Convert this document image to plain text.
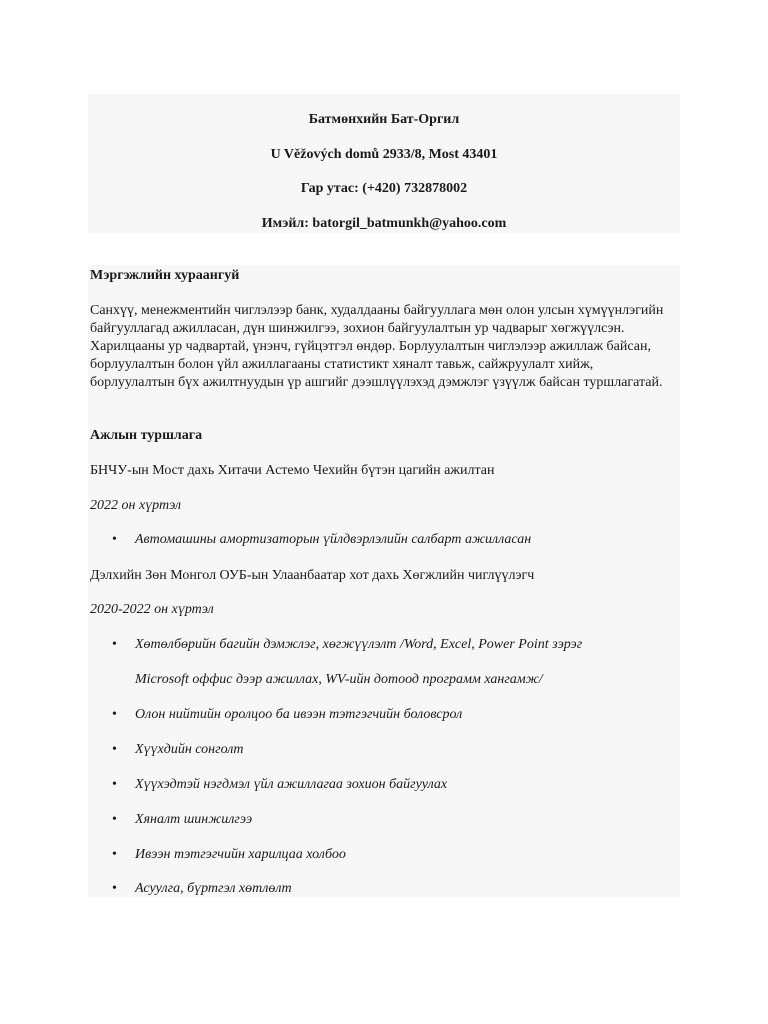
Батмөнхийн Бат-Оргил
U Věžových domů 2933/8, Most 43401
Гар утас: (+420) 732878002
Имэйл: batorgil_batmunkh@yahoo.com
Мэргэжлийн хураангуй
Санхүү, менежментийн чиглэлээр банк, худалдааны байгууллага мөн олон улсын хүмүүнлэгийн байгууллагад ажилласан, дүн шинжилгээ, зохион байгуулалтын ур чадварыг хөгжүүлсэн. Харилцааны ур чадвартай, үнэнч, гүйцэтгэл өндөр. Борлуулалтын чиглэлээр ажиллаж байсан, борлуулалтын болон үйл ажиллагааны статистикт хяналт тавьж, сайжруулалт хийж, борлуулалтын бүх ажилтнуудын үр ашгийг дээшлүүлэхэд дэмжлэг үзүүлж байсан туршлагатай.
Ажлын туршлага
БНЧУ-ын Мост дахь Хитачи Астемо Чехийн бүтэн цагийн ажилтан
2022 он хүртэл
• Автомашины амортизаторын үйлдвэрлэлийн салбарт ажилласан
Дэлхийн Зөн Монгол ОУБ-ын Улаанбаатар хот дахь Хөгжлийн чиглүүлэгч
2020-2022 он хүртэл
• Хөтөлбөрийн багийн дэмжлэг, хөгжүүлэлт /Word, Excel, Power Point зэрэг
Microsoft оффис дээр ажиллах, WV-ийн дотоод программ хангамж/
• Олон нийтийн оролцоо ба ивээн тэтгэгчийн боловсрол
• Хүүхдийн сонголт
• Хүүхэдтэй нэгдмэл үйл ажиллагаа зохион байгуулах
• Хяналт шинжилгээ
• Ивээн тэтгэгчийн харилцаа холбоо
• Асуулга, бүртгэл хөтлөлт
